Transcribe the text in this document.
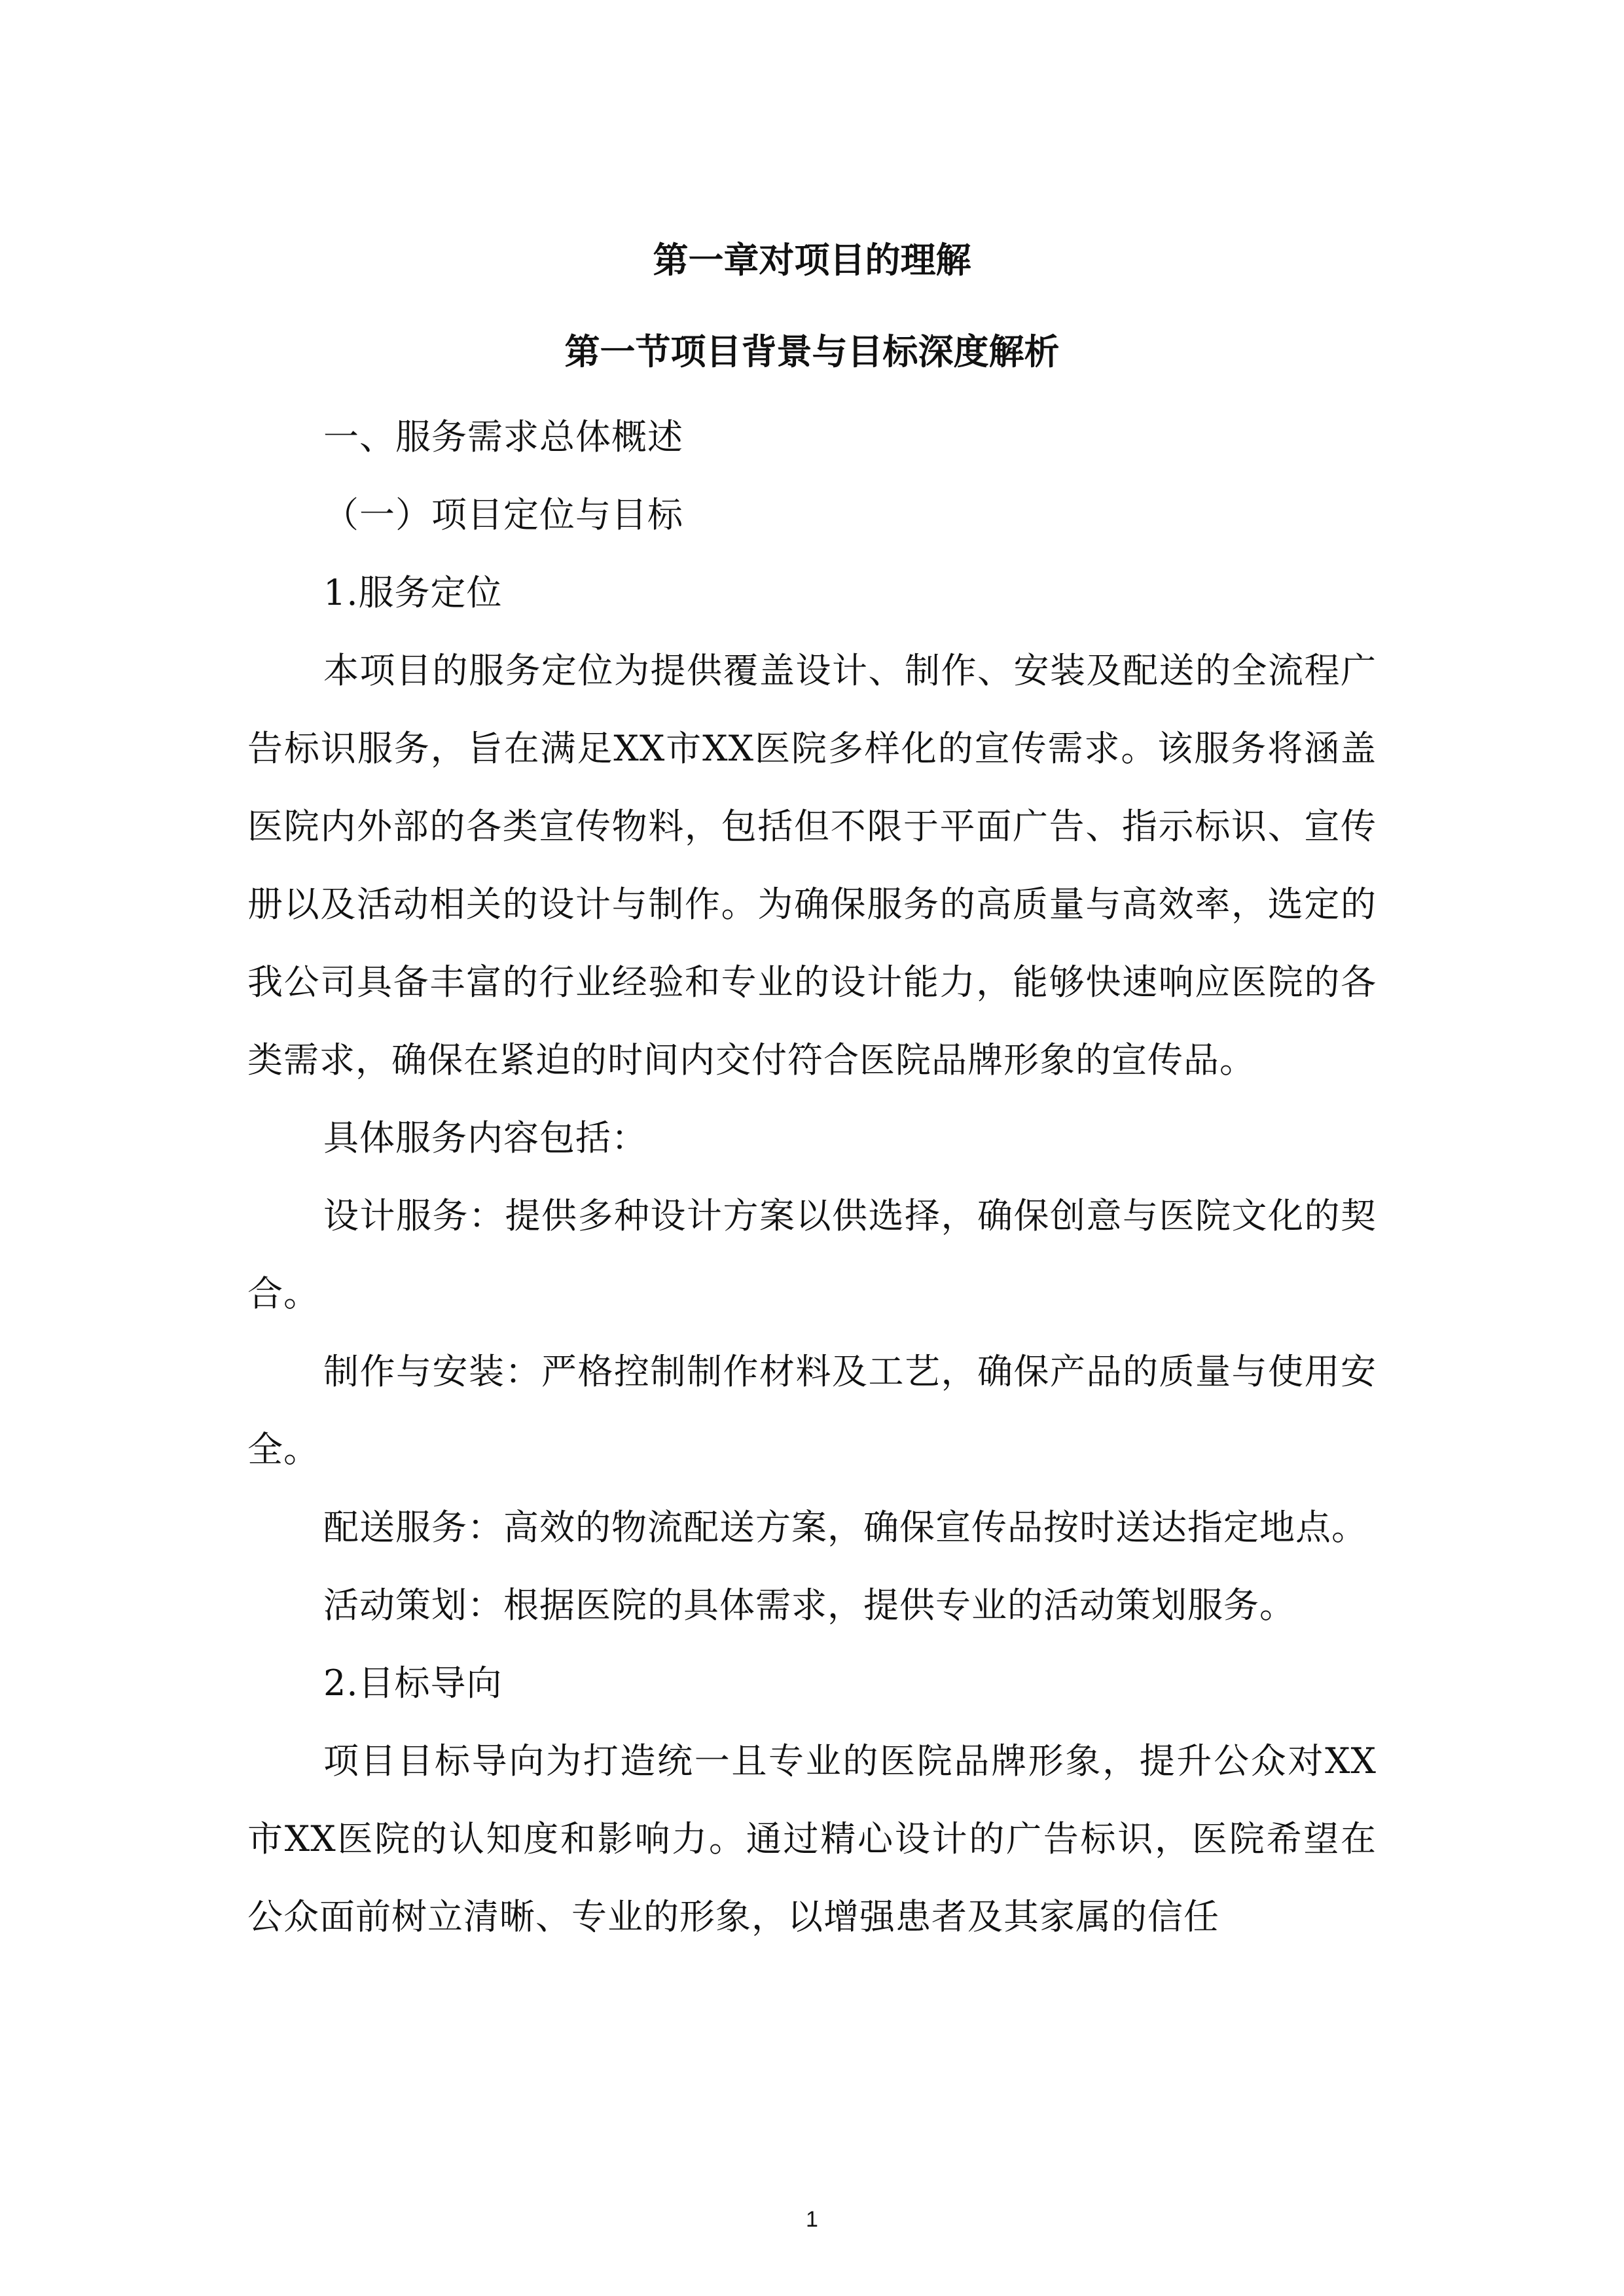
第一章对项目的理解
第一节项目背景与目标深度解析
一、服务需求总体概述
（一）项目定位与目标
1.服务定位
本项目的服务定位为提供覆盖设计、制作、安装及配送的全流程广告标识服务，旨在满足XX市XX医院多样化的宣传需求。该服务将涵盖医院内外部的各类宣传物料，包括但不限于平面广告、指示标识、宣传册以及活动相关的设计与制作。为确保服务的高质量与高效率，选定的我公司具备丰富的行业经验和专业的设计能力，能够快速响应医院的各类需求，确保在紧迫的时间内交付符合医院品牌形象的宣传品。
具体服务内容包括：
设计服务：提供多种设计方案以供选择，确保创意与医院文化的契合。
制作与安装：严格控制制作材料及工艺，确保产品的质量与使用安全。
配送服务：高效的物流配送方案，确保宣传品按时送达指定地点。
活动策划：根据医院的具体需求，提供专业的活动策划服务。
2.目标导向
项目目标导向为打造统一且专业的医院品牌形象，提升公众对XX市XX医院的认知度和影响力。通过精心设计的广告标识，医院希望在公众面前树立清晰、专业的形象，以增强患者及其家属的信任
1
